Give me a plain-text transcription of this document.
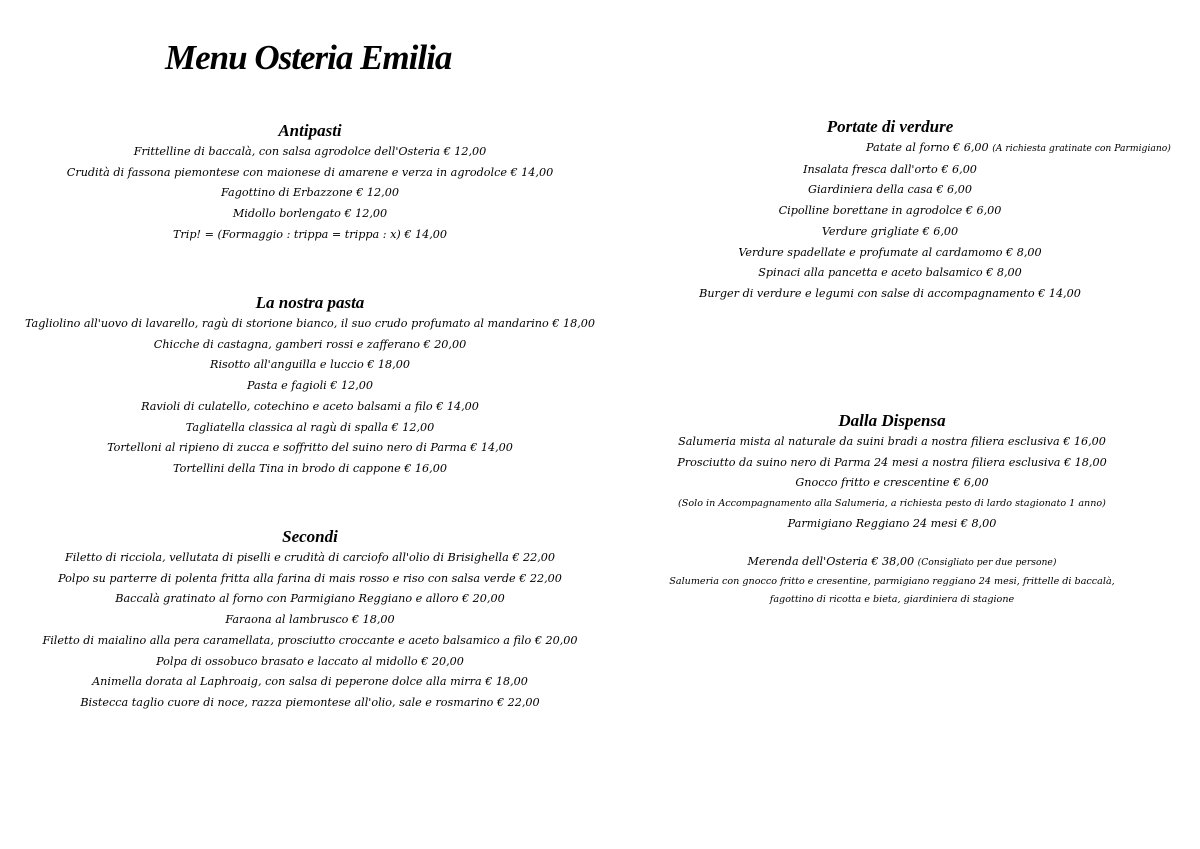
Menu Osteria Emilia
Antipasti
Frittelline di baccalà, con salsa agrodolce dell'Osteria € 12,00
Crudità di fassona piemontese con maionese di amarene e verza in agrodolce € 14,00
Fagottino di Erbazzone € 12,00
Midollo borlengato € 12,00
Trip! = (Formaggio : trippa = trippa : x) € 14,00
La nostra pasta
Tagliolino all'uovo di lavarello, ragù di storione bianco, il suo crudo profumato al mandarino € 18,00
Chicche di castagna, gamberi rossi e zafferano € 20,00
Risotto all'anguilla e luccio € 18,00
Pasta e fagioli € 12,00
Ravioli di culatello, cotechino e aceto balsami a filo € 14,00
Tagliatella classica al ragù di spalla € 12,00
Tortelloni al ripieno di zucca e soffritto del suino nero di Parma € 14,00
Tortellini della Tina in brodo di cappone € 16,00
Secondi
Filetto di ricciola, vellutata di piselli e crudità di carciofo all'olio di Brisighella € 22,00
Polpo su parterre di polenta fritta alla farina di mais rosso e riso con salsa verde € 22,00
Baccalà gratinato al forno con Parmigiano Reggiano e alloro € 20,00
Faraona al lambrusco € 18,00
Filetto di maialino alla pera caramellata, prosciutto croccante e aceto balsamico a filo € 20,00
Polpa di ossobuco brasato e laccato al midollo € 20,00
Animella dorata al Laphroaig, con salsa di peperone dolce alla mirra € 18,00
Bistecca taglio cuore di noce, razza piemontese all'olio, sale e rosmarino € 22,00
Portate di verdure
Patate al forno € 6,00 (A richiesta gratinate con Parmigiano)
Insalata fresca dall'orto € 6,00
Giardiniera della casa € 6,00
Cipolline borettane in agrodolce € 6,00
Verdure grigliate € 6,00
Verdure spadellate e profumate al cardamomo € 8,00
Spinaci alla pancetta e aceto balsamico € 8,00
Burger di verdure e legumi con salse di accompagnamento € 14,00
Dalla Dispensa
Salumeria mista al naturale da suini bradi a nostra filiera esclusiva € 16,00
Prosciutto da suino nero di Parma 24 mesi a nostra filiera esclusiva € 18,00
Gnocco fritto e crescentine € 6,00
(Solo in Accompagnamento alla Salumeria, a richiesta pesto di lardo stagionato 1 anno)
Parmigiano Reggiano 24 mesi € 8,00
Merenda dell'Osteria € 38,00 (Consigliato per due persone)
Salumeria con gnocco fritto e cresentine, parmigiano reggiano 24 mesi, frittelle di baccalà,
fagottino di ricotta e bieta, giardiniera di stagione
